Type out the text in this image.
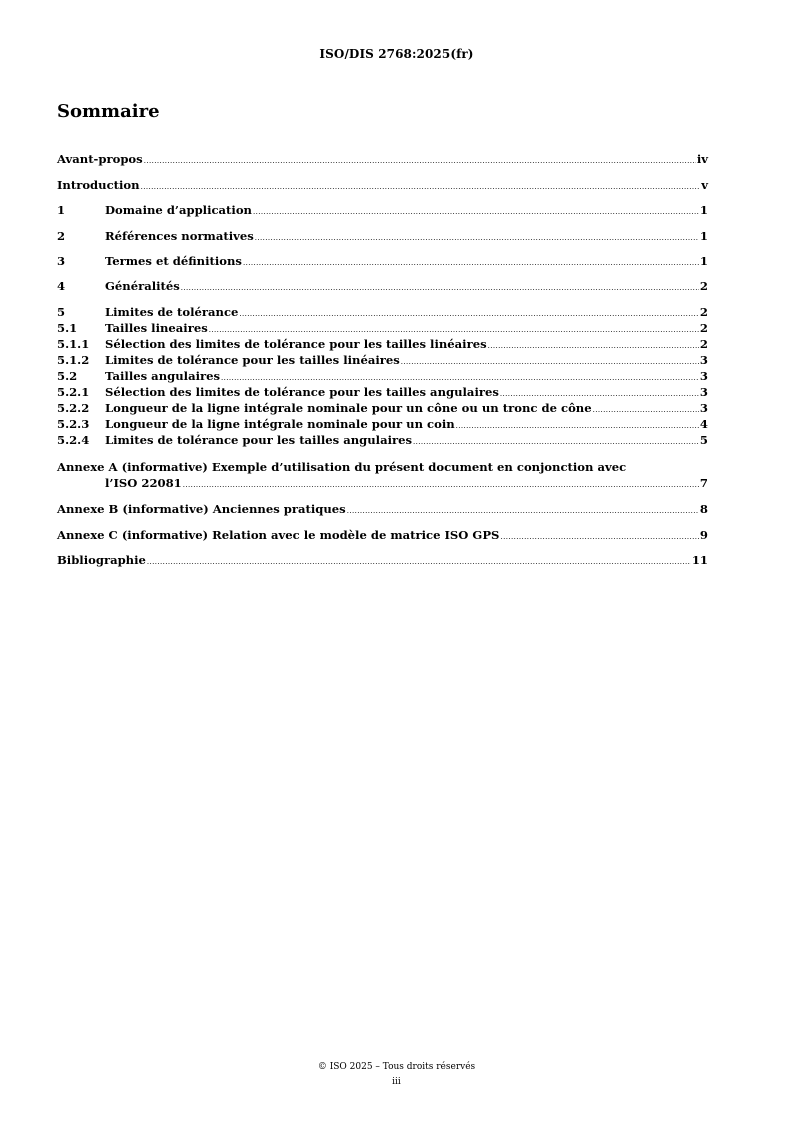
ISO/DIS 2768:2025(fr)
Sommaire
Avant-propos .....	iv
Introduction .....	v
1	Domaine d’application .....	1
2	Références normatives .....	1
3	Termes et définitions .....	1
4	Généralités .....	2
5	Limites de tolérance .....	2
5.1	Tailles lineaires .....	2
5.1.1	Sélection des limites de tolérance pour les tailles linéaires .....	2
5.1.2	Limites de tolérance pour les tailles linéaires .....	3
5.2	Tailles angulaires .....	3
5.2.1	Sélection des limites de tolérance pour les tailles angulaires .....	3
5.2.2	Longueur de la ligne intégrale nominale pour un cône ou un tronc de cône .....	3
5.2.3	Longueur de la ligne intégrale nominale pour un coin .....	4
5.2.4	Limites de tolérance pour les tailles angulaires .....	5
Annexe A (informative) Exemple d’utilisation du présent document en conjonction avec
l’ISO 22081 .....	7
Annexe B (informative) Anciennes pratiques .....	8
Annexe C (informative) Relation avec le modèle de matrice ISO GPS .....	9
Bibliographie .....	11
© ISO 2025 – Tous droits réservés
iii
